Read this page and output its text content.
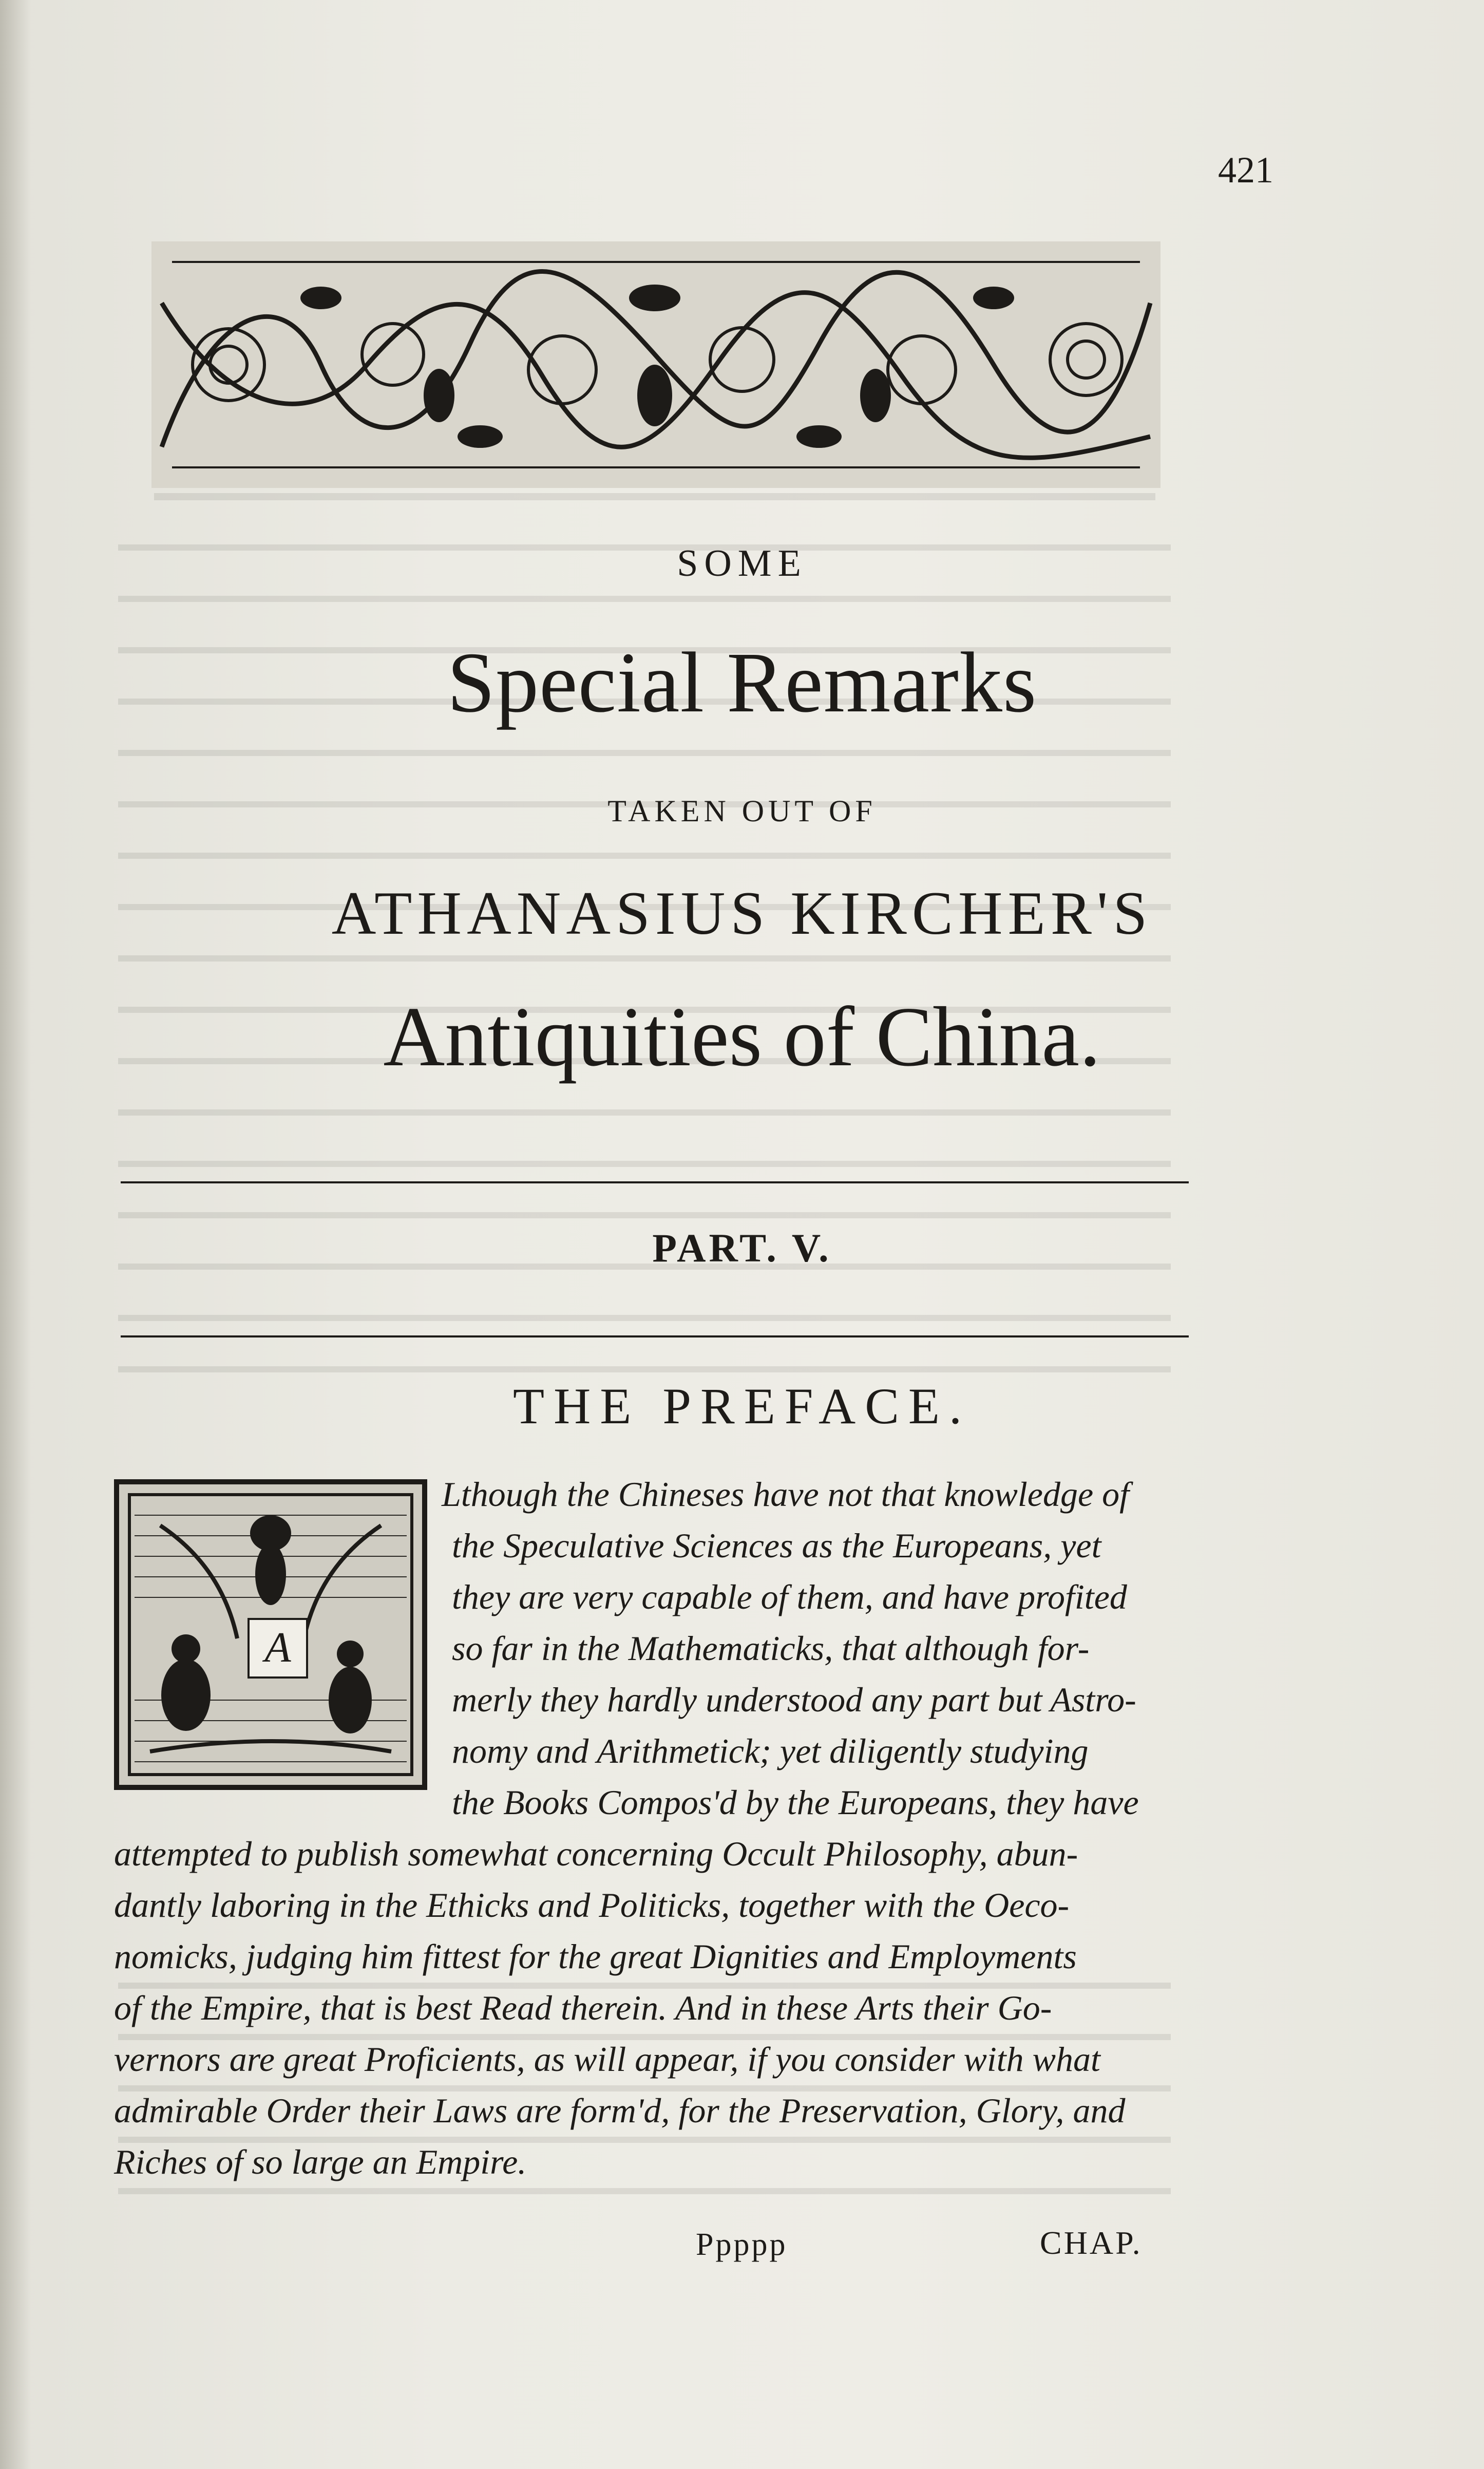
421
SOME
Special Remarks
TAKEN OUT OF
ATHANASIUS KIRCHER'S
Antiquities of China.
PART. V.
THE PREFACE.
A
Lthough the Chineses have not that knowledge of
the Speculative Sciences as the Europeans, yet
they are very capable of them, and have profited
so far in the Mathematicks, that although for-
merly they hardly understood any part but Astro-
nomy and Arithmetick; yet diligently studying
the Books Compos'd by the Europeans, they have
attempted to publish somewhat concerning Occult Philosophy, abun-
dantly laboring in the Ethicks and Politicks, together with the Oeco-
nomicks, judging him fittest for the great Dignities and Employments
of the Empire, that is best Read therein. And in these Arts their Go-
vernors are great Proficients, as will appear, if you consider with what
admirable Order their Laws are form'd, for the Preservation, Glory, and
Riches of so large an Empire.
Ppppp	CHAP.
